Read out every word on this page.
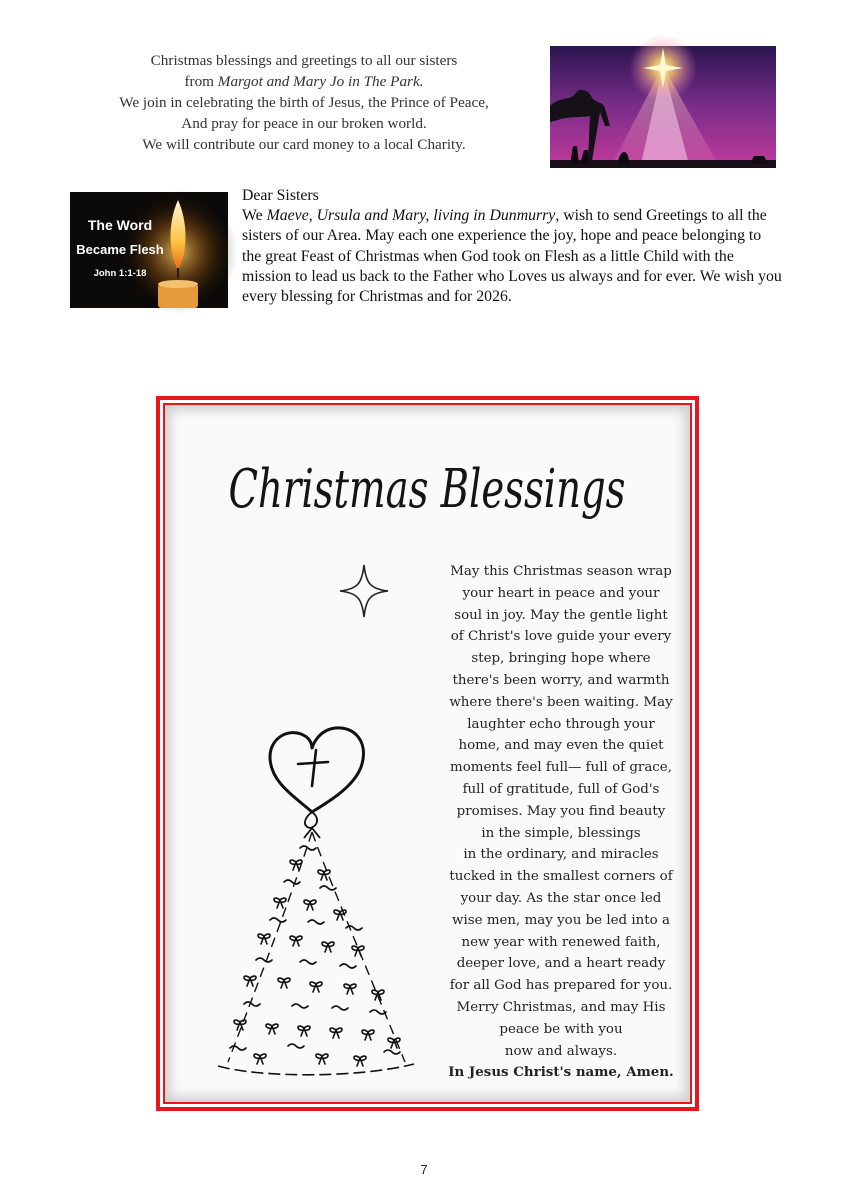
Christmas blessings and greetings to all our sisters

from Margot and Mary Jo in The Park.

We join in celebrating the birth of Jesus, the Prince of Peace,

And pray for peace in our broken world.

We will contribute our card money to a local Charity.

The Word
Became Flesh
John 1:1-18

Dear Sisters

We Maeve, Ursula and Mary, living in Dunmurry, wish to send Greetings to all the sisters of our Area. May each one experience the joy, hope and peace belonging to the great Feast of Christmas when God took on Flesh as a little Child with the mission to lead us back to the Father who Loves us always and for ever. We wish you every blessing for Christmas and for 2026.

Christmas Blessings

May this Christmas season wrap

your heart in peace and your

soul in joy. May the gentle light

of Christ's love guide your every

step, bringing hope where

there's been worry, and warmth

where there's been waiting. May

laughter echo through your

home, and may even the quiet

moments feel full— full of grace,

full of gratitude, full of God's

promises. May you find beauty

in the simple, blessings

in the ordinary, and miracles

tucked in the smallest corners of

your day. As the star once led

wise men, may you be led into a

new year with renewed faith,

deeper love, and a heart ready

for all God has prepared for you.

Merry Christmas, and may His

peace be with you

now and always.

In Jesus Christ's name, Amen.

7
